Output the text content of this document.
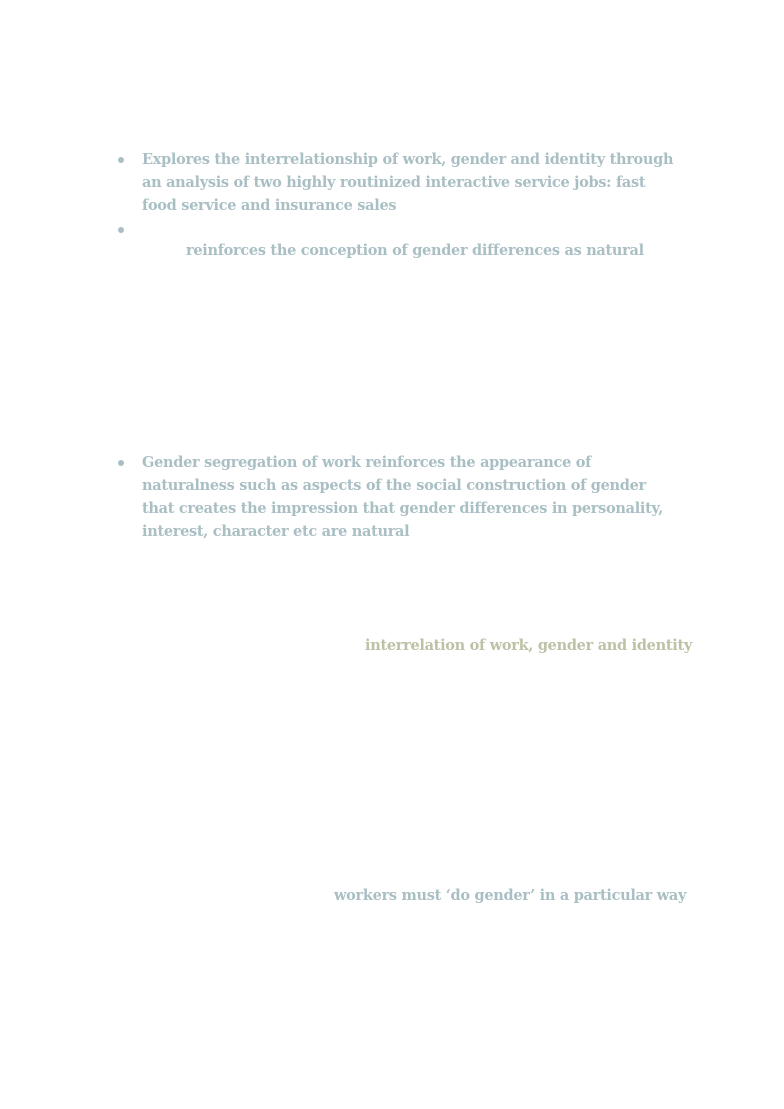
Explores the interrelationship of work, gender and identity through an analysis of two highly routinized interactive service jobs: fast food service and insurance sales
reinforces the conception of gender differences as natural
Gender segregation of work reinforces the appearance of naturalness such as aspects of the social construction of gender that creates the impression that gender differences in personality, interest, character etc are natural
interrelation of work, gender and identity
workers must ‘do gender’ in a particular way
